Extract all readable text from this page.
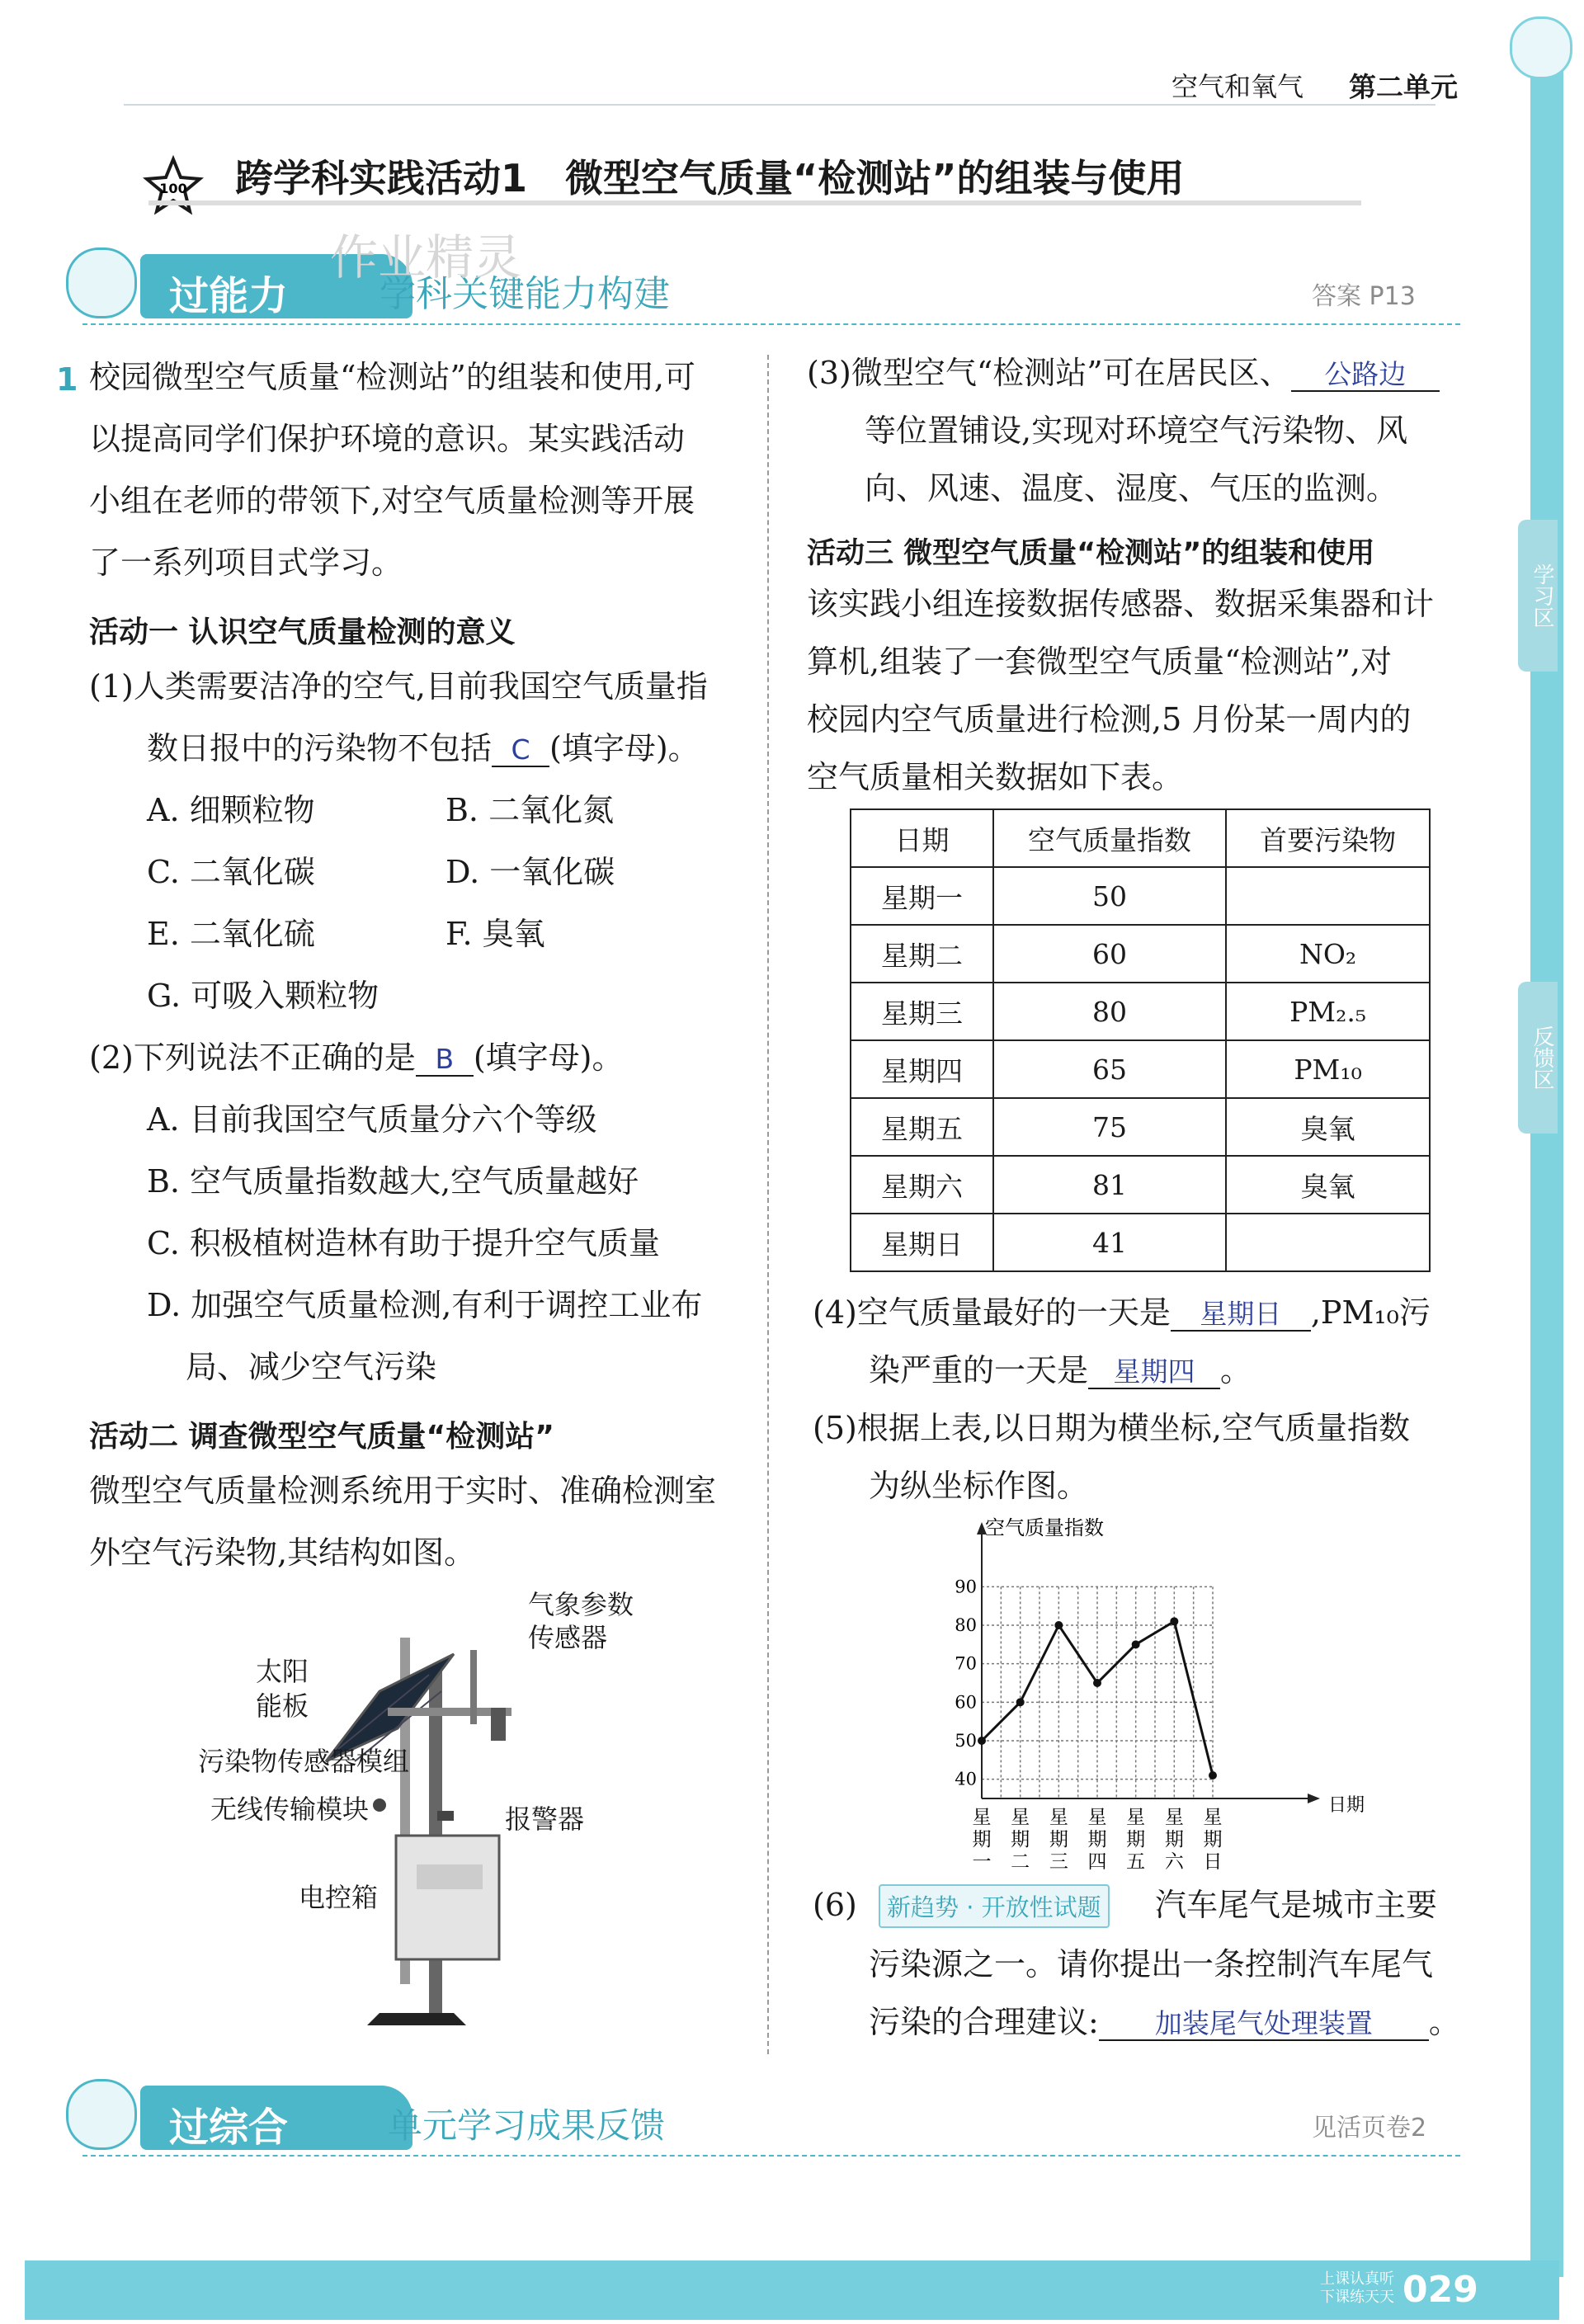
空气和氧气 第二单元
100 跨学科实践活动1　微型空气质量“检测站”的组装与使用
过能力	学科关键能力构建	答案 P13
作业精灵
1 校园微型空气质量“检测站”的组装和使用,可
以提高同学们保护环境的意识。某实践活动
小组在老师的带领下,对空气质量检测等开展
了一系列项目式学习。
活动一 认识空气质量检测的意义
(1)人类需要洁净的空气,目前我国空气质量指
数日报中的污染物不包括 C (填字母)。
A. 细颗粒物	B. 二氧化氮
C. 二氧化碳	D. 一氧化碳
E. 二氧化硫	F. 臭氧
G. 可吸入颗粒物
(2)下列说法不正确的是 B (填字母)。
A. 目前我国空气质量分六个等级
B. 空气质量指数越大,空气质量越好
C. 积极植树造林有助于提升空气质量
D. 加强空气质量检测,有利于调控工业布
局、减少空气污染
活动二 调查微型空气质量“检测站”
微型空气质量检测系统用于实时、准确检测室
外空气污染物,其结构如图。
气象参数
传感器
太阳
能板
污染物传感器模组
无线传输模块	报警器
电控箱
(3)微型空气“检测站”可在居民区、 公路边
等位置铺设,实现对环境空气污染物、风
向、风速、温度、湿度、气压的监测。
活动三 微型空气质量“检测站”的组装和使用
该实践小组连接数据传感器、数据采集器和计
算机,组装了一套微型空气质量“检测站”,对
校园内空气质量进行检测,5 月份某一周内的
空气质量相关数据如下表。
日期	空气质量指数	首要污染物
星期一	50	
星期二	60	NO₂
星期三	80	PM₂.₅
星期四	65	PM₁₀
星期五	75	臭氧
星期六	81	臭氧
星期日	41	
(4)空气质量最好的一天是 星期日 ,PM₁₀污
染严重的一天是 星期四 。
(5)根据上表,以日期为横坐标,空气质量指数
为纵坐标作图。
空气质量指数
日期
40
50
60
70
80
90
星
期
一
星
期
二
星
期
三
星
期
四
星
期
五
星
期
六
星
期
日
(6)	新趋势 · 开放性试题 汽车尾气是城市主要
污染源之一。请你提出一条控制汽车尾气
污染的合理建议: 加装尾气处理装置 。
过综合	单元学习成果反馈	见活页卷2
学习区
反馈区
上课认真听
下课练天天 029
